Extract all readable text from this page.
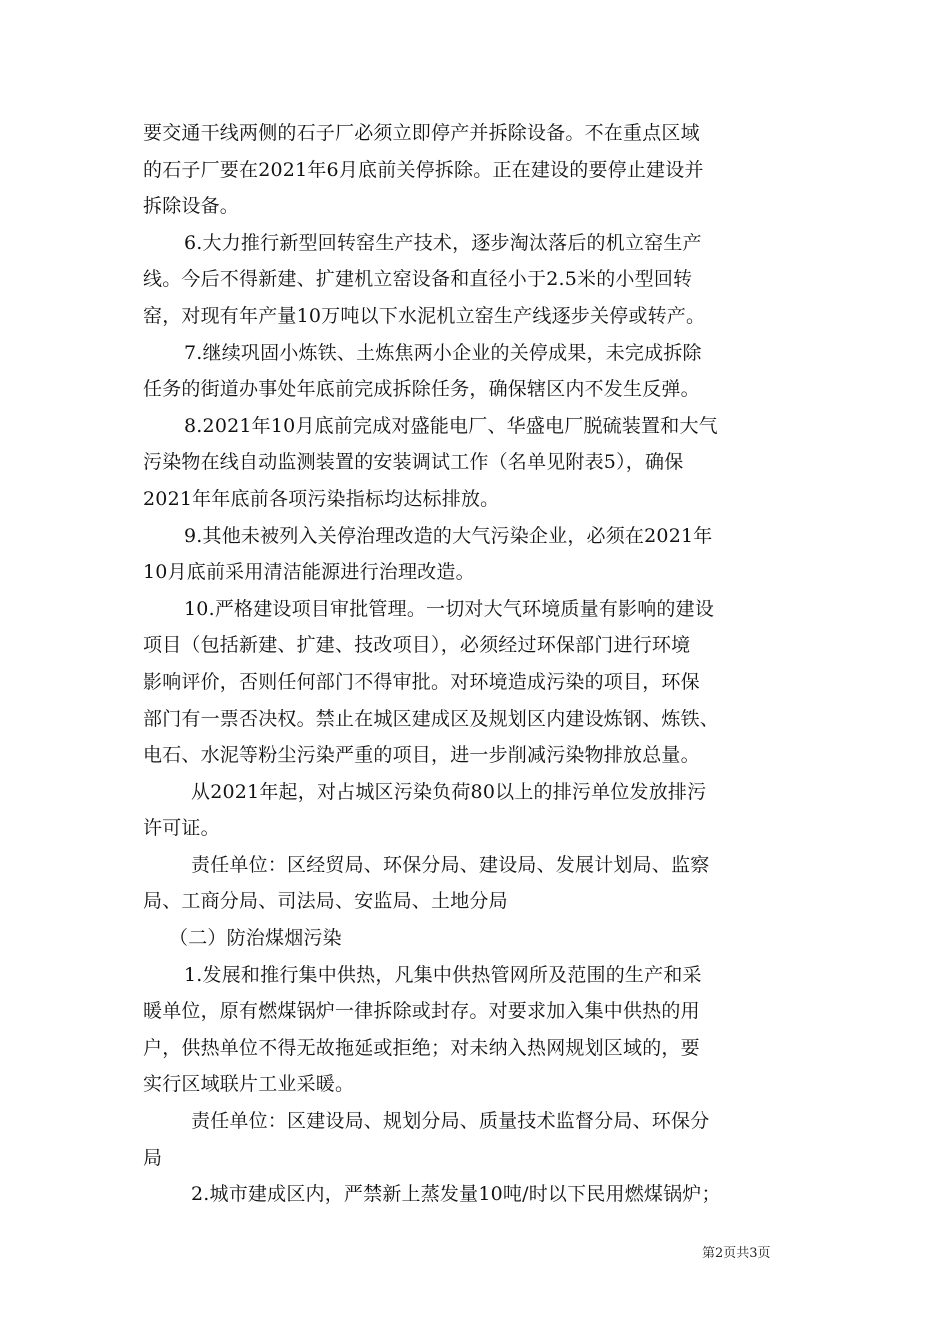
要交通干线两侧的石子厂必须立即停产并拆除设备。不在重点区域
的石子厂要在2021年6月底前关停拆除。正在建设的要停止建设并
拆除设备。
6.大力推行新型回转窑生产技术，逐步淘汰落后的机立窑生产
线。今后不得新建、扩建机立窑设备和直径小于2.5米的小型回转
窑，对现有年产量10万吨以下水泥机立窑生产线逐步关停或转产。
7.继续巩固小炼铁、土炼焦两小企业的关停成果，未完成拆除
任务的街道办事处年底前完成拆除任务，确保辖区内不发生反弹。
8.2021年10月底前完成对盛能电厂、华盛电厂脱硫装置和大气
污染物在线自动监测装置的安装调试工作（名单见附表5），确保
2021年年底前各项污染指标均达标排放。
9.其他未被列入关停治理改造的大气污染企业，必须在2021年
10月底前采用清洁能源进行治理改造。
10.严格建设项目审批管理。一切对大气环境质量有影响的建设
项目（包括新建、扩建、技改项目），必须经过环保部门进行环境
影响评价，否则任何部门不得审批。对环境造成污染的项目，环保
部门有一票否决权。禁止在城区建成区及规划区内建设炼钢、炼铁、
电石、水泥等粉尘污染严重的项目，进一步削减污染物排放总量。
从2021年起，对占城区污染负荷80以上的排污单位发放排污
许可证。
责任单位：区经贸局、环保分局、建设局、发展计划局、监察
局、工商分局、司法局、安监局、土地分局
（二）防治煤烟污染
1.发展和推行集中供热，凡集中供热管网所及范围的生产和采
暖单位，原有燃煤锅炉一律拆除或封存。对要求加入集中供热的用
户，供热单位不得无故拖延或拒绝；对未纳入热网规划区域的，要
实行区域联片工业采暖。
责任单位：区建设局、规划分局、质量技术监督分局、环保分
局
2.城市建成区内，严禁新上蒸发量10吨/时以下民用燃煤锅炉；
第2页共3页
